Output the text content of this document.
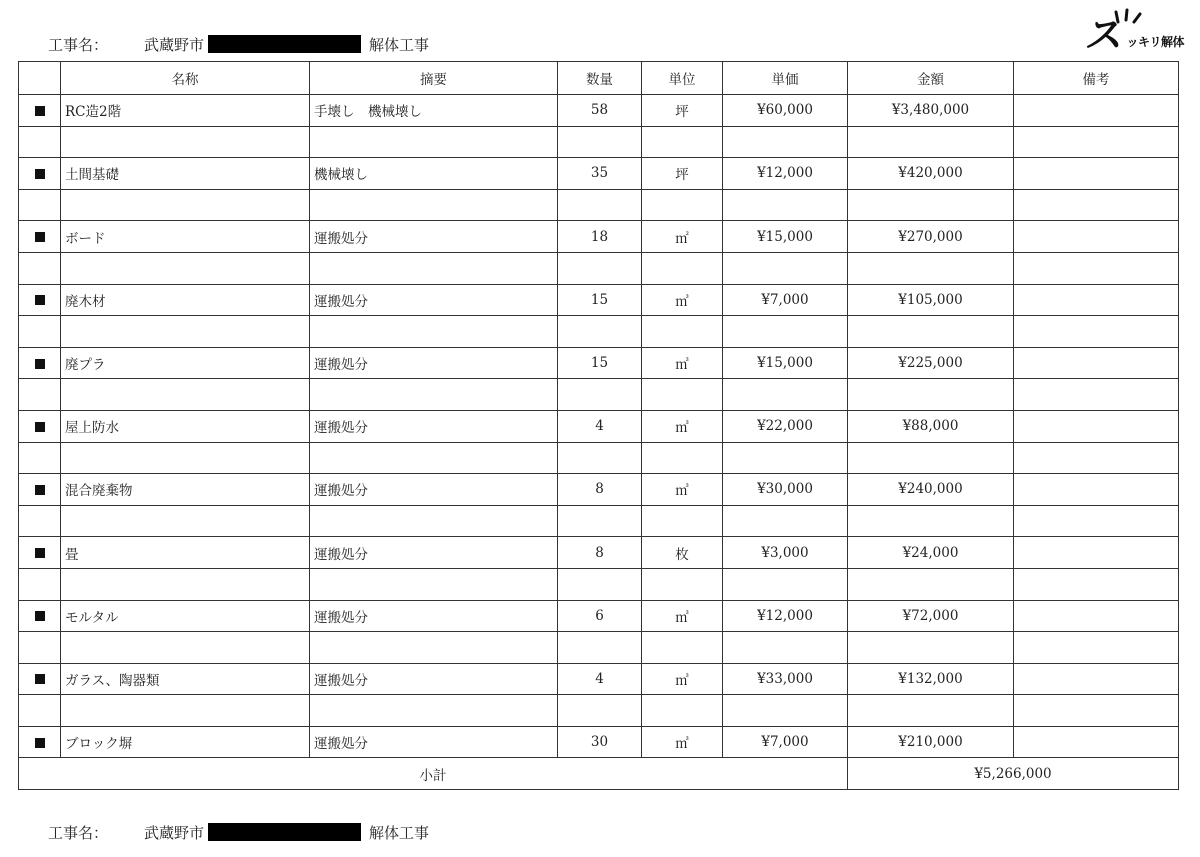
工事名：	武蔵野市	解体工事	ス
ッキリ解体
	名称	摘要	数量	単位	単価	金額	備考
	RC造2階	手壊し　機械壊し	58	坪	¥60,000	¥3,480,000	

	土間基礎	機械壊し	35	坪	¥12,000	¥420,000	

	ボード	運搬処分	18	㎡	¥15,000	¥270,000	

	廃木材	運搬処分	15	㎥	¥7,000	¥105,000	

	廃プラ	運搬処分	15	㎥	¥15,000	¥225,000	

	屋上防水	運搬処分	4	㎥	¥22,000	¥88,000	

	混合廃棄物	運搬処分	8	㎥	¥30,000	¥240,000	

	畳	運搬処分	8	枚	¥3,000	¥24,000	

	モルタル	運搬処分	6	㎥	¥12,000	¥72,000	

	ガラス、陶器類	運搬処分	4	㎥	¥33,000	¥132,000	

	ブロック塀	運搬処分	30	㎥	¥7,000	¥210,000	
小計						¥5,266,000	
工事名：	武蔵野市	解体工事
